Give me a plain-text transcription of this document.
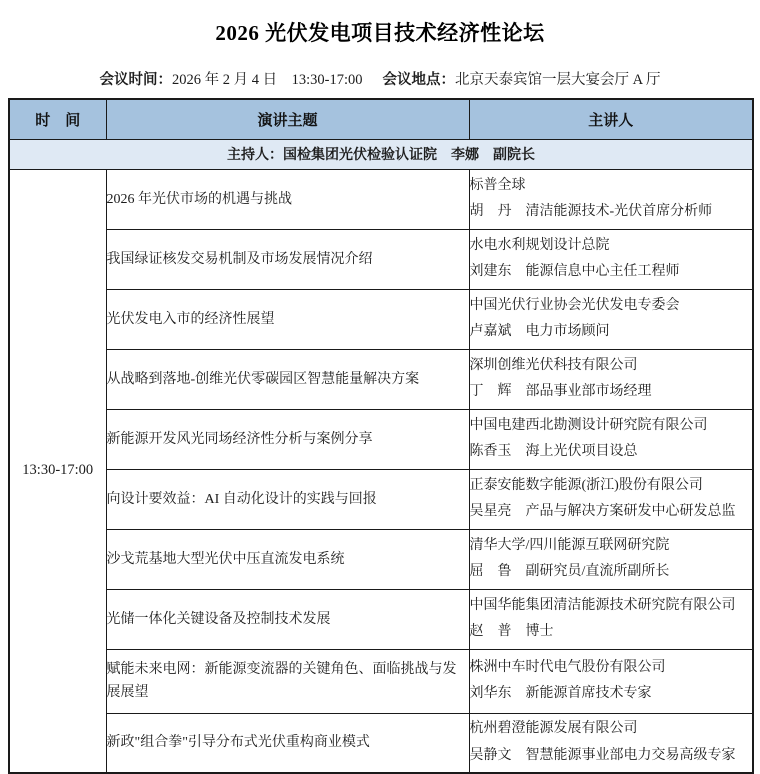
2026 光伏发电项目技术经济性论坛
会议时间：2026 年 2 月 4 日　13:30-17:00 会议地点：北京天泰宾馆一层大宴会厅 A 厅
时　间	演讲主题	主讲人
主持人：国检集团光伏检验认证院　李娜　副院长		
13:30-17:00	2026 年光伏市场的机遇与挑战	标普全球
胡　丹　清洁能源技术-光伏首席分析师

	我国绿证核发交易机制及市场发展情况介绍	水电水利规划设计总院
刘建东　能源信息中心主任工程师

	光伏发电入市的经济性展望	中国光伏行业协会光伏发电专委会
卢嘉斌　电力市场顾问

	从战略到落地-创维光伏零碳园区智慧能量解决方案	深圳创维光伏科技有限公司
丁　辉　部品事业部市场经理

	新能源开发风光同场经济性分析与案例分享	中国电建西北勘测设计研究院有限公司
陈香玉　海上光伏项目设总

	向设计要效益：AI 自动化设计的实践与回报	正泰安能数字能源(浙江)股份有限公司
吴星亮　产品与解决方案研发中心研发总监

	沙戈荒基地大型光伏中压直流发电系统	清华大学/四川能源互联网研究院
屈　鲁　副研究员/直流所副所长

	光储一体化关键设备及控制技术发展	中国华能集团清洁能源技术研究院有限公司
赵　普　博士

	赋能未来电网：新能源变流器的关键角色、面临挑战与发展展望	株洲中车时代电气股份有限公司
刘华东　新能源首席技术专家

	新政"组合拳"引导分布式光伏重构商业模式	杭州碧澄能源发展有限公司
吴静文　智慧能源事业部电力交易高级专家
